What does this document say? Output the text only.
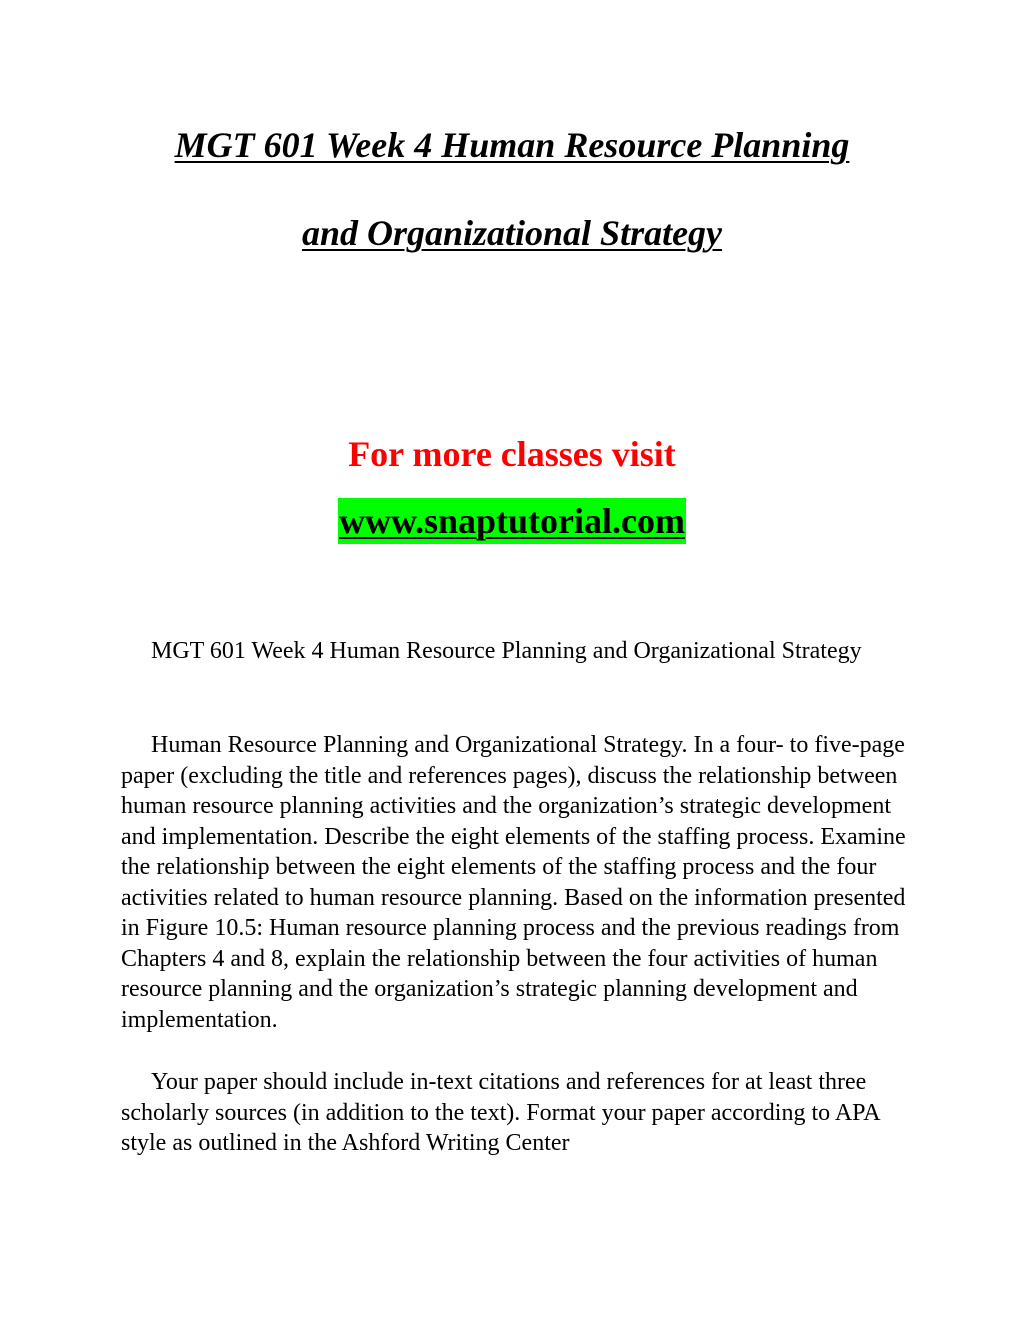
MGT 601 Week 4 Human Resource Planning
and Organizational Strategy
For more classes visit
www.snaptutorial.com

MGT 601 Week 4 Human Resource Planning and Organizational Strategy

Human Resource Planning and Organizational Strategy. In a four- to five-page paper (excluding the title and references pages), discuss the relationship between human resource planning activities and the organization’s strategic development and implementation. Describe the eight elements of the staffing process. Examine the relationship between the eight elements of the staffing process and the four activities related to human resource planning. Based on the information presented in Figure 10.5: Human resource planning process and the previous readings from Chapters 4 and 8, explain the relationship between the four activities of human resource planning and the organization’s strategic planning development and implementation.

Your paper should include in-text citations and references for at least three scholarly sources (in addition to the text). Format your paper according to APA style as outlined in the Ashford Writing Center
